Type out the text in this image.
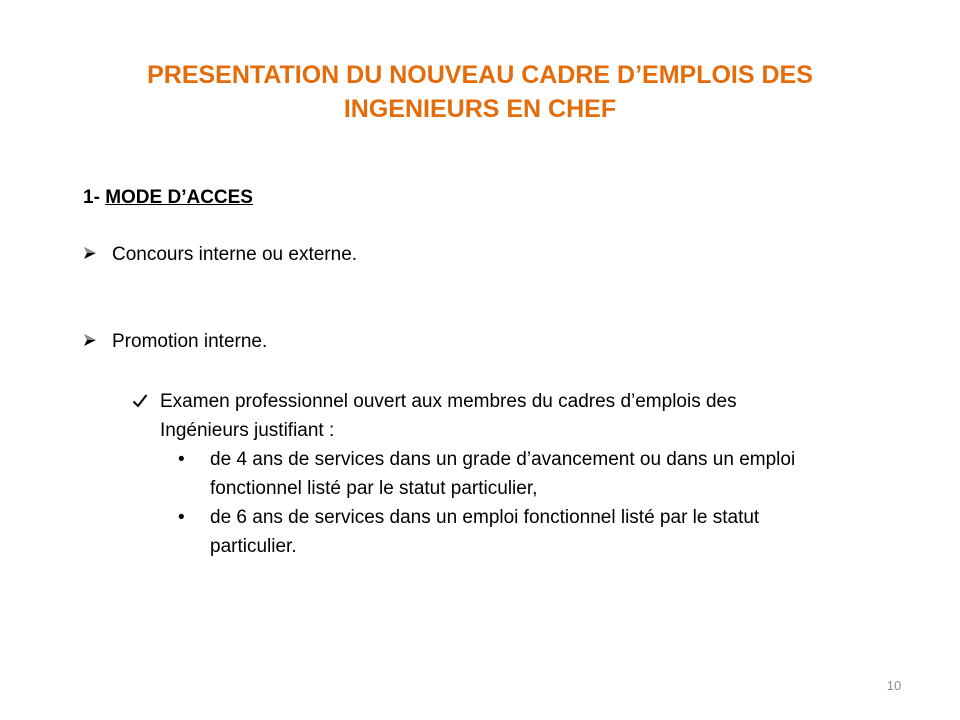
PRESENTATION DU NOUVEAU CADRE D’EMPLOIS DES
INGENIEURS EN CHEF
1- MODE D’ACCES
Concours interne ou externe.
Promotion interne.
Examen professionnel ouvert aux membres du cadres d’emplois des
Ingénieurs justifiant :
•	de 4 ans de services dans un grade d’avancement ou dans un emploi
fonctionnel listé par le statut particulier,
•	de 6 ans de services dans un emploi fonctionnel listé par le statut
particulier.
10
